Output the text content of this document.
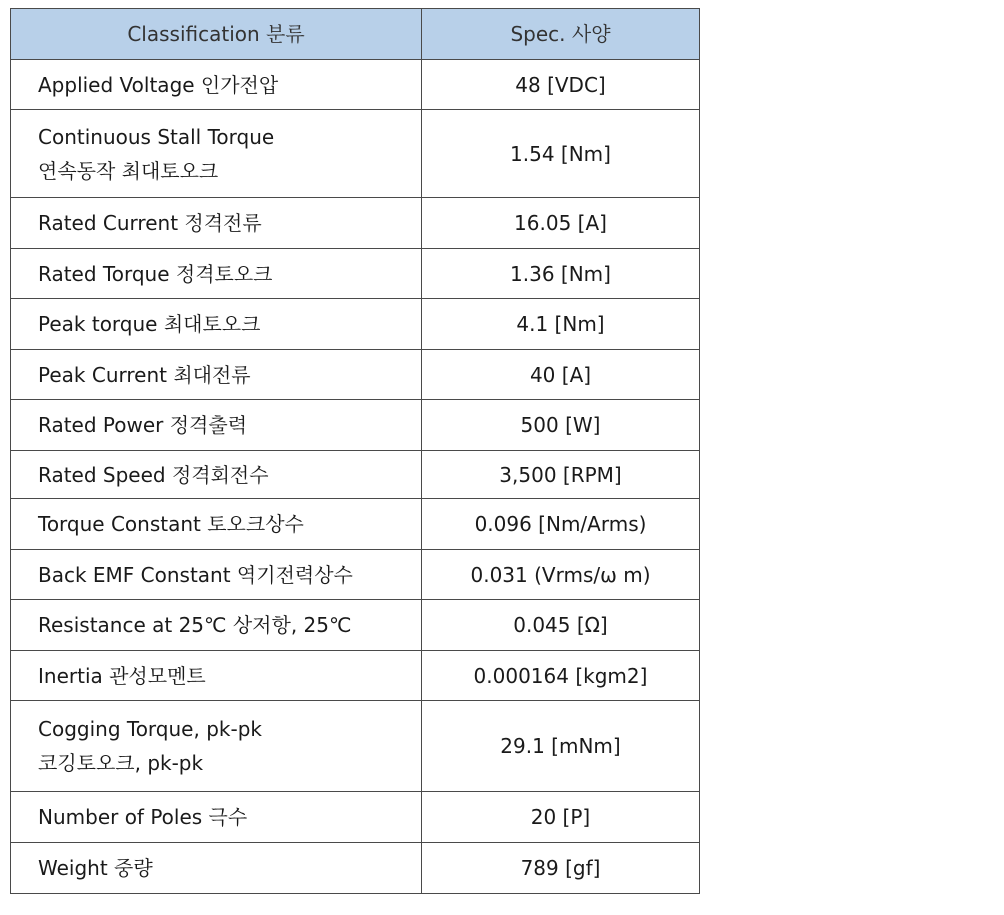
Classification 분류	Spec. 사양

Applied Voltage 인가전압	48 [VDC]

Continuous Stall Torque
연속동작 최대토오크	1.54 [Nm]

Rated Current 정격전류	16.05 [A]

Rated Torque 정격토오크	1.36 [Nm]

Peak torque 최대토오크	4.1 [Nm]

Peak Current 최대전류	40 [A]

Rated Power 정격출력	500 [W]

Rated Speed 정격회전수	3,500 [RPM]

Torque Constant 토오크상수	0.096 [Nm/Arms)

Back EMF Constant 역기전력상수	0.031 (Vrms/ω m)

Resistance at 25℃ 상저항, 25℃	0.045 [Ω]

Inertia 관성모멘트	0.000164 [kgm2]

Cogging Torque, pk-pk
코깅토오크, pk-pk	29.1 [mNm]

Number of Poles 극수	20 [P]

Weight 중량	789 [gf]
